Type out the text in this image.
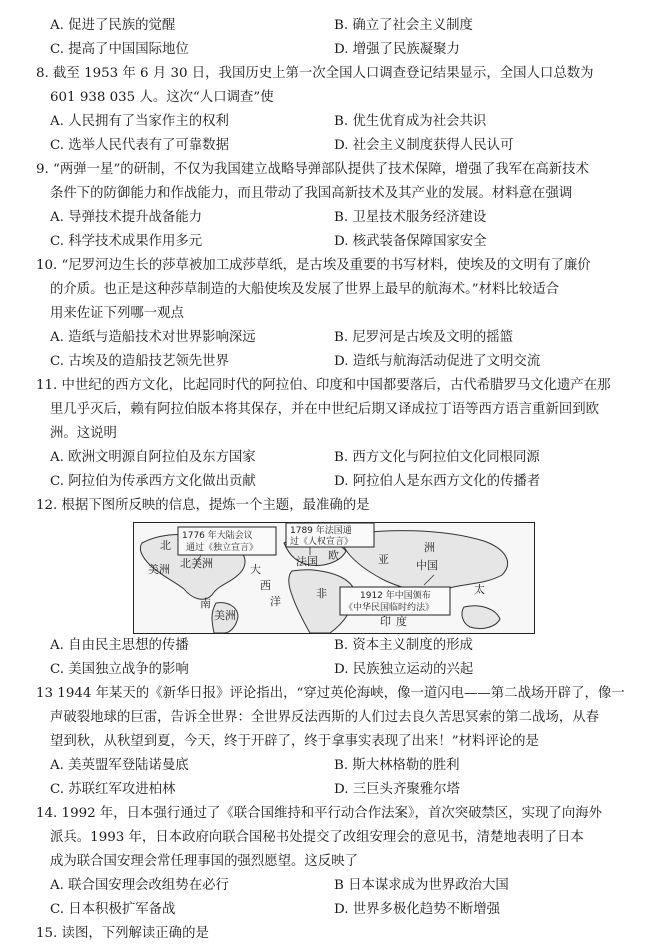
A. 促进了民族的觉醒	B. 确立了社会主义制度
C. 提高了中国国际地位	D. 增强了民族凝聚力
8. 截至 1953 年 6 月 30 日，我国历史上第一次全国人口调查登记结果显示，全国人口总数为
601 938 035 人。这次“人口调查”使
A. 人民拥有了当家作主的权利	B. 优生优育成为社会共识
C. 选举人民代表有了可靠数据	D. 社会主义制度获得人民认可
9. “两弹一星”的研制，不仅为我国建立战略导弹部队提供了技术保障，增强了我军在高新技术
条件下的防御能力和作战能力，而且带动了我国高新技术及其产业的发展。材料意在强调
A. 导弹技术提升战备能力	B. 卫星技术服务经济建设
C. 科学技术成果作用多元	D. 核武装备保障国家安全
10. “尼罗河边生长的莎草被加工成莎草纸，是古埃及重要的书写材料，使埃及的文明有了廉价
的介质。也正是这种莎草制造的大船使埃及发展了世界上最早的航海术。”材料比较适合
用来佐证下列哪一观点
A. 造纸与造船技术对世界影响深远	B. 尼罗河是古埃及文明的摇篮
C. 古埃及的造船技艺领先世界	D. 造纸与航海活动促进了文明交流
11. 中世纪的西方文化，比起同时代的阿拉伯、印度和中国都要落后，古代希腊罗马文化遗产在那
里几乎灭后，赖有阿拉伯版本将其保存，并在中世纪后期又译成拉丁语等西方语言重新回到欧
洲。这说明
A. 欧洲文明源自阿拉伯及东方国家	B. 西方文化与阿拉伯文化同根同源
C. 阿拉伯为传承西方文化做出贡献	D. 阿拉伯人是东西方文化的传播者
12. 根据下图所反映的信息，提炼一个主题，最准确的是
1776 年大陆会议
通过《独立宣言》
1789 年法国通
过《人权宣言》
1912 年中国颁布
《中华民国临时约法》
北
美洲 北美洲	大
西
洋
法国 欧
洲
中国
亚
太
非
美洲
南
印 度
A. 自由民主思想的传播	B. 资本主义制度的形成
C. 美国独立战争的影响	D. 民族独立运动的兴起
13 1944 年某天的《新华日报》评论指出，“穿过英伦海峡，像一道闪电——第二战场开辟了，像一
声破裂地球的巨雷，告诉全世界：全世界反法西斯的人们过去良久苦思冥索的第二战场，从春
望到秋，从秋望到夏，今天，终于开辟了，终于拿事实表现了出来！”材料评论的是
A. 美英盟军登陆诺曼底	B. 斯大林格勒的胜利
C. 苏联红军攻进柏林	D. 三巨头齐聚雅尔塔
14. 1992 年，日本强行通过了《联合国维持和平行动合作法案》，首次突破禁区，实现了向海外
派兵。1993 年，日本政府向联合国秘书处提交了改组安理会的意见书，清楚地表明了日本
成为联合国安理会常任理事国的强烈愿望。这反映了
A. 联合国安理会改组势在必行	B 日本谋求成为世界政治大国
C. 日本积极扩军备战	D. 世界多极化趋势不断增强
15. 读图，下列解读正确的是
